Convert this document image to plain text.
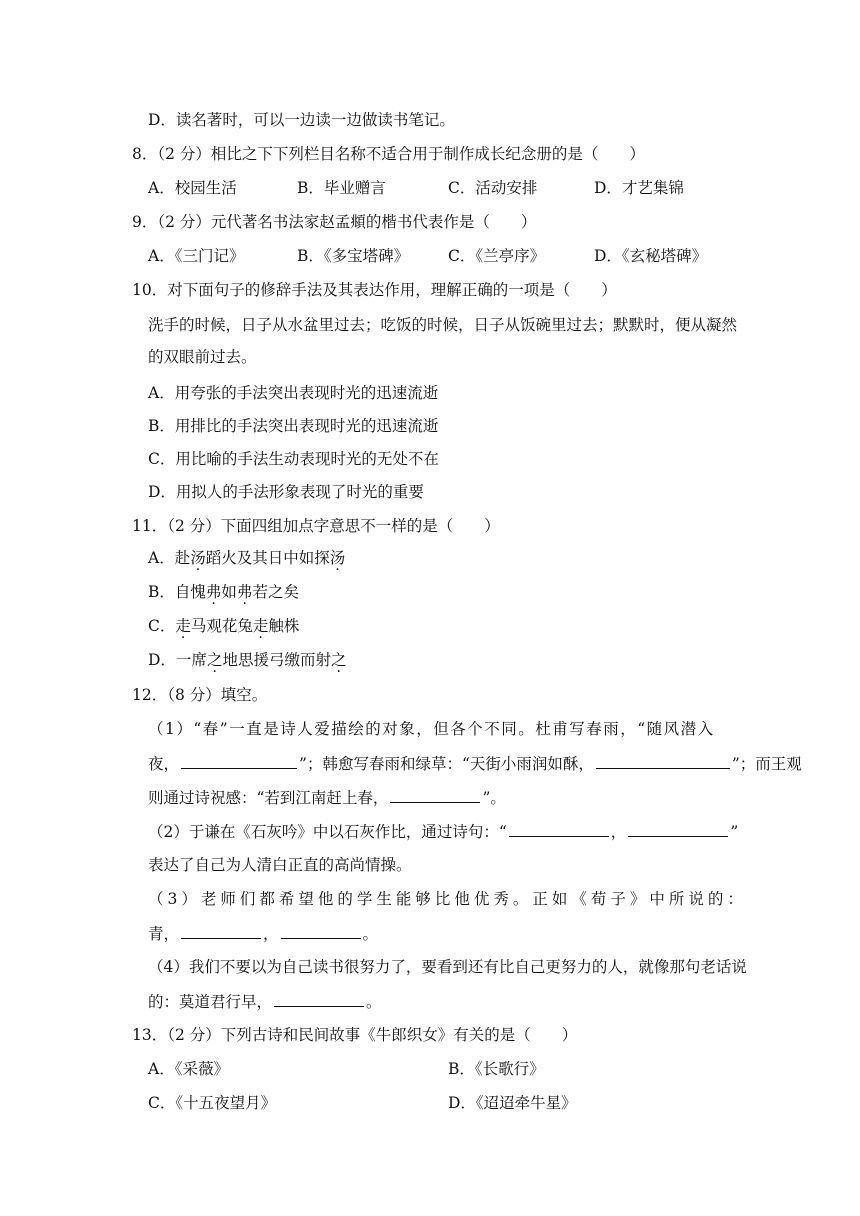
D．读名著时，可以一边读一边做读书笔记。
8．（2 分）相比之下下列栏目名称不适合用于制作成长纪念册的是（　　）
A．校园生活	B．毕业赠言	C．活动安排	D．才艺集锦
9．（2 分）元代著名书法家赵孟頫的楷书代表作是（　　）
A．《三门记》	B．《多宝塔碑》	C．《兰亭序》	D．《玄秘塔碑》
10．对下面句子的修辞手法及其表达作用，理解正确的一项是（　　）
洗手的时候，日子从水盆里过去；吃饭的时候，日子从饭碗里过去；默默时，便从凝然
的双眼前过去。
A．用夸张的手法突出表现时光的迅速流逝
B．用排比的手法突出表现时光的迅速流逝
C．用比喻的手法生动表现时光的无处不在
D．用拟人的手法形象表现了时光的重要
11．（2 分）下面四组加点字意思不一样的是（　　）
A．赴汤蹈火及其日中如探汤
B．自愧弗如弗若之矣
C．走马观花兔走触株
D．一席之地思援弓缴而射之
12．（8 分）填空。
（1）“春”一直是诗人爱描绘的对象，但各个不同。杜甫写春雨，“随风潜入
夜，	”；韩愈写春雨和绿草：“天街小雨润如酥，	”；而王观
则通过诗祝感：“若到江南赶上春，	”。
（2）于谦在《石灰吟》中以石灰作比，通过诗句：“	，	”
表达了自己为人清白正直的高尚情操。
（3）老师们都希望他的学生能够比他优秀。正如《荀子》中所说的：
青，	，	。
（4）我们不要以为自己读书很努力了，要看到还有比自己更努力的人，就像那句老话说
的：莫道君行早，	。
13．（2 分）下列古诗和民间故事《牛郎织女》有关的是（　　）
A．《采薇》	B．《长歌行》
C．《十五夜望月》	D．《迢迢牵牛星》
